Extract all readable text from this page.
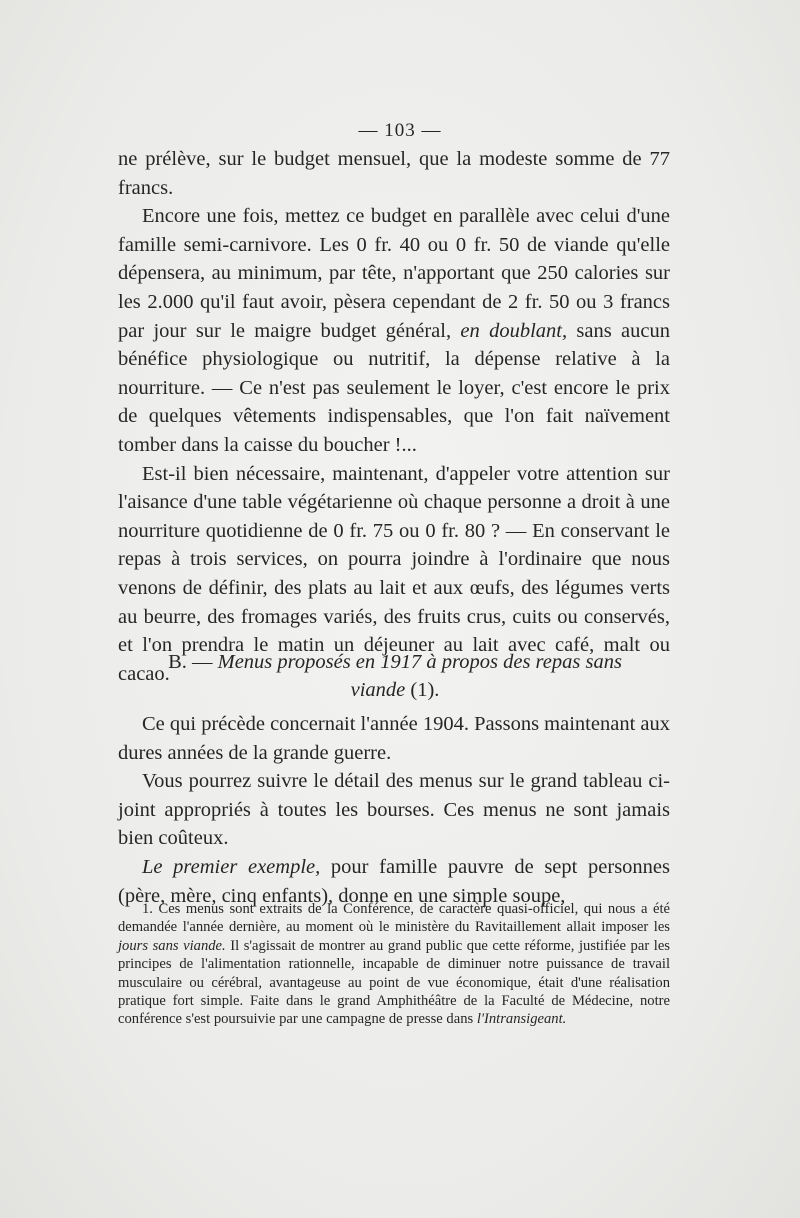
— 103 —

ne prélève, sur le budget mensuel, que la modeste somme de 77 francs.

Encore une fois, mettez ce budget en parallèle avec celui d'une famille semi-carnivore. Les 0 fr. 40 ou 0 fr. 50 de viande qu'elle dépensera, au minimum, par tête, n'apportant que 250 calories sur les 2.000 qu'il faut avoir, pèsera cependant de 2 fr. 50 ou 3 francs par jour sur le maigre budget général, en doublant, sans aucun bénéfice physiologique ou nutritif, la dépense relative à la nourriture. — Ce n'est pas seulement le loyer, c'est encore le prix de quelques vêtements indispensables, que l'on fait naïvement tomber dans la caisse du boucher !...

Est-il bien nécessaire, maintenant, d'appeler votre attention sur l'aisance d'une table végétarienne où chaque personne a droit à une nourriture quotidienne de 0 fr. 75 ou 0 fr. 80 ? — En conservant le repas à trois services, on pourra joindre à l'ordinaire que nous venons de définir, des plats au lait et aux œufs, des légumes verts au beurre, des fromages variés, des fruits crus, cuits ou conservés, et l'on prendra le matin un déjeuner au lait avec café, malt ou cacao.

B. — Menus proposés en 1917 à propos des repas sans viande (1).

Ce qui précède concernait l'année 1904. Passons maintenant aux dures années de la grande guerre.

Vous pourrez suivre le détail des menus sur le grand tableau ci-joint appropriés à toutes les bourses. Ces menus ne sont jamais bien coûteux.

Le premier exemple, pour famille pauvre de sept personnes (père, mère, cinq enfants), donne en une simple soupe,

1. Ces menus sont extraits de la Conférence, de caractère quasi-officiel, qui nous a été demandée l'année dernière, au moment où le ministère du Ravitaillement allait imposer les jours sans viande. Il s'agissait de montrer au grand public que cette réforme, justifiée par les principes de l'alimentation rationnelle, incapable de diminuer notre puissance de travail musculaire ou cérébral, avantageuse au point de vue économique, était d'une réalisation pratique fort simple. Faite dans le grand Amphithéâtre de la Faculté de Médecine, notre conférence s'est poursuivie par une campagne de presse dans l'Intransigeant.
